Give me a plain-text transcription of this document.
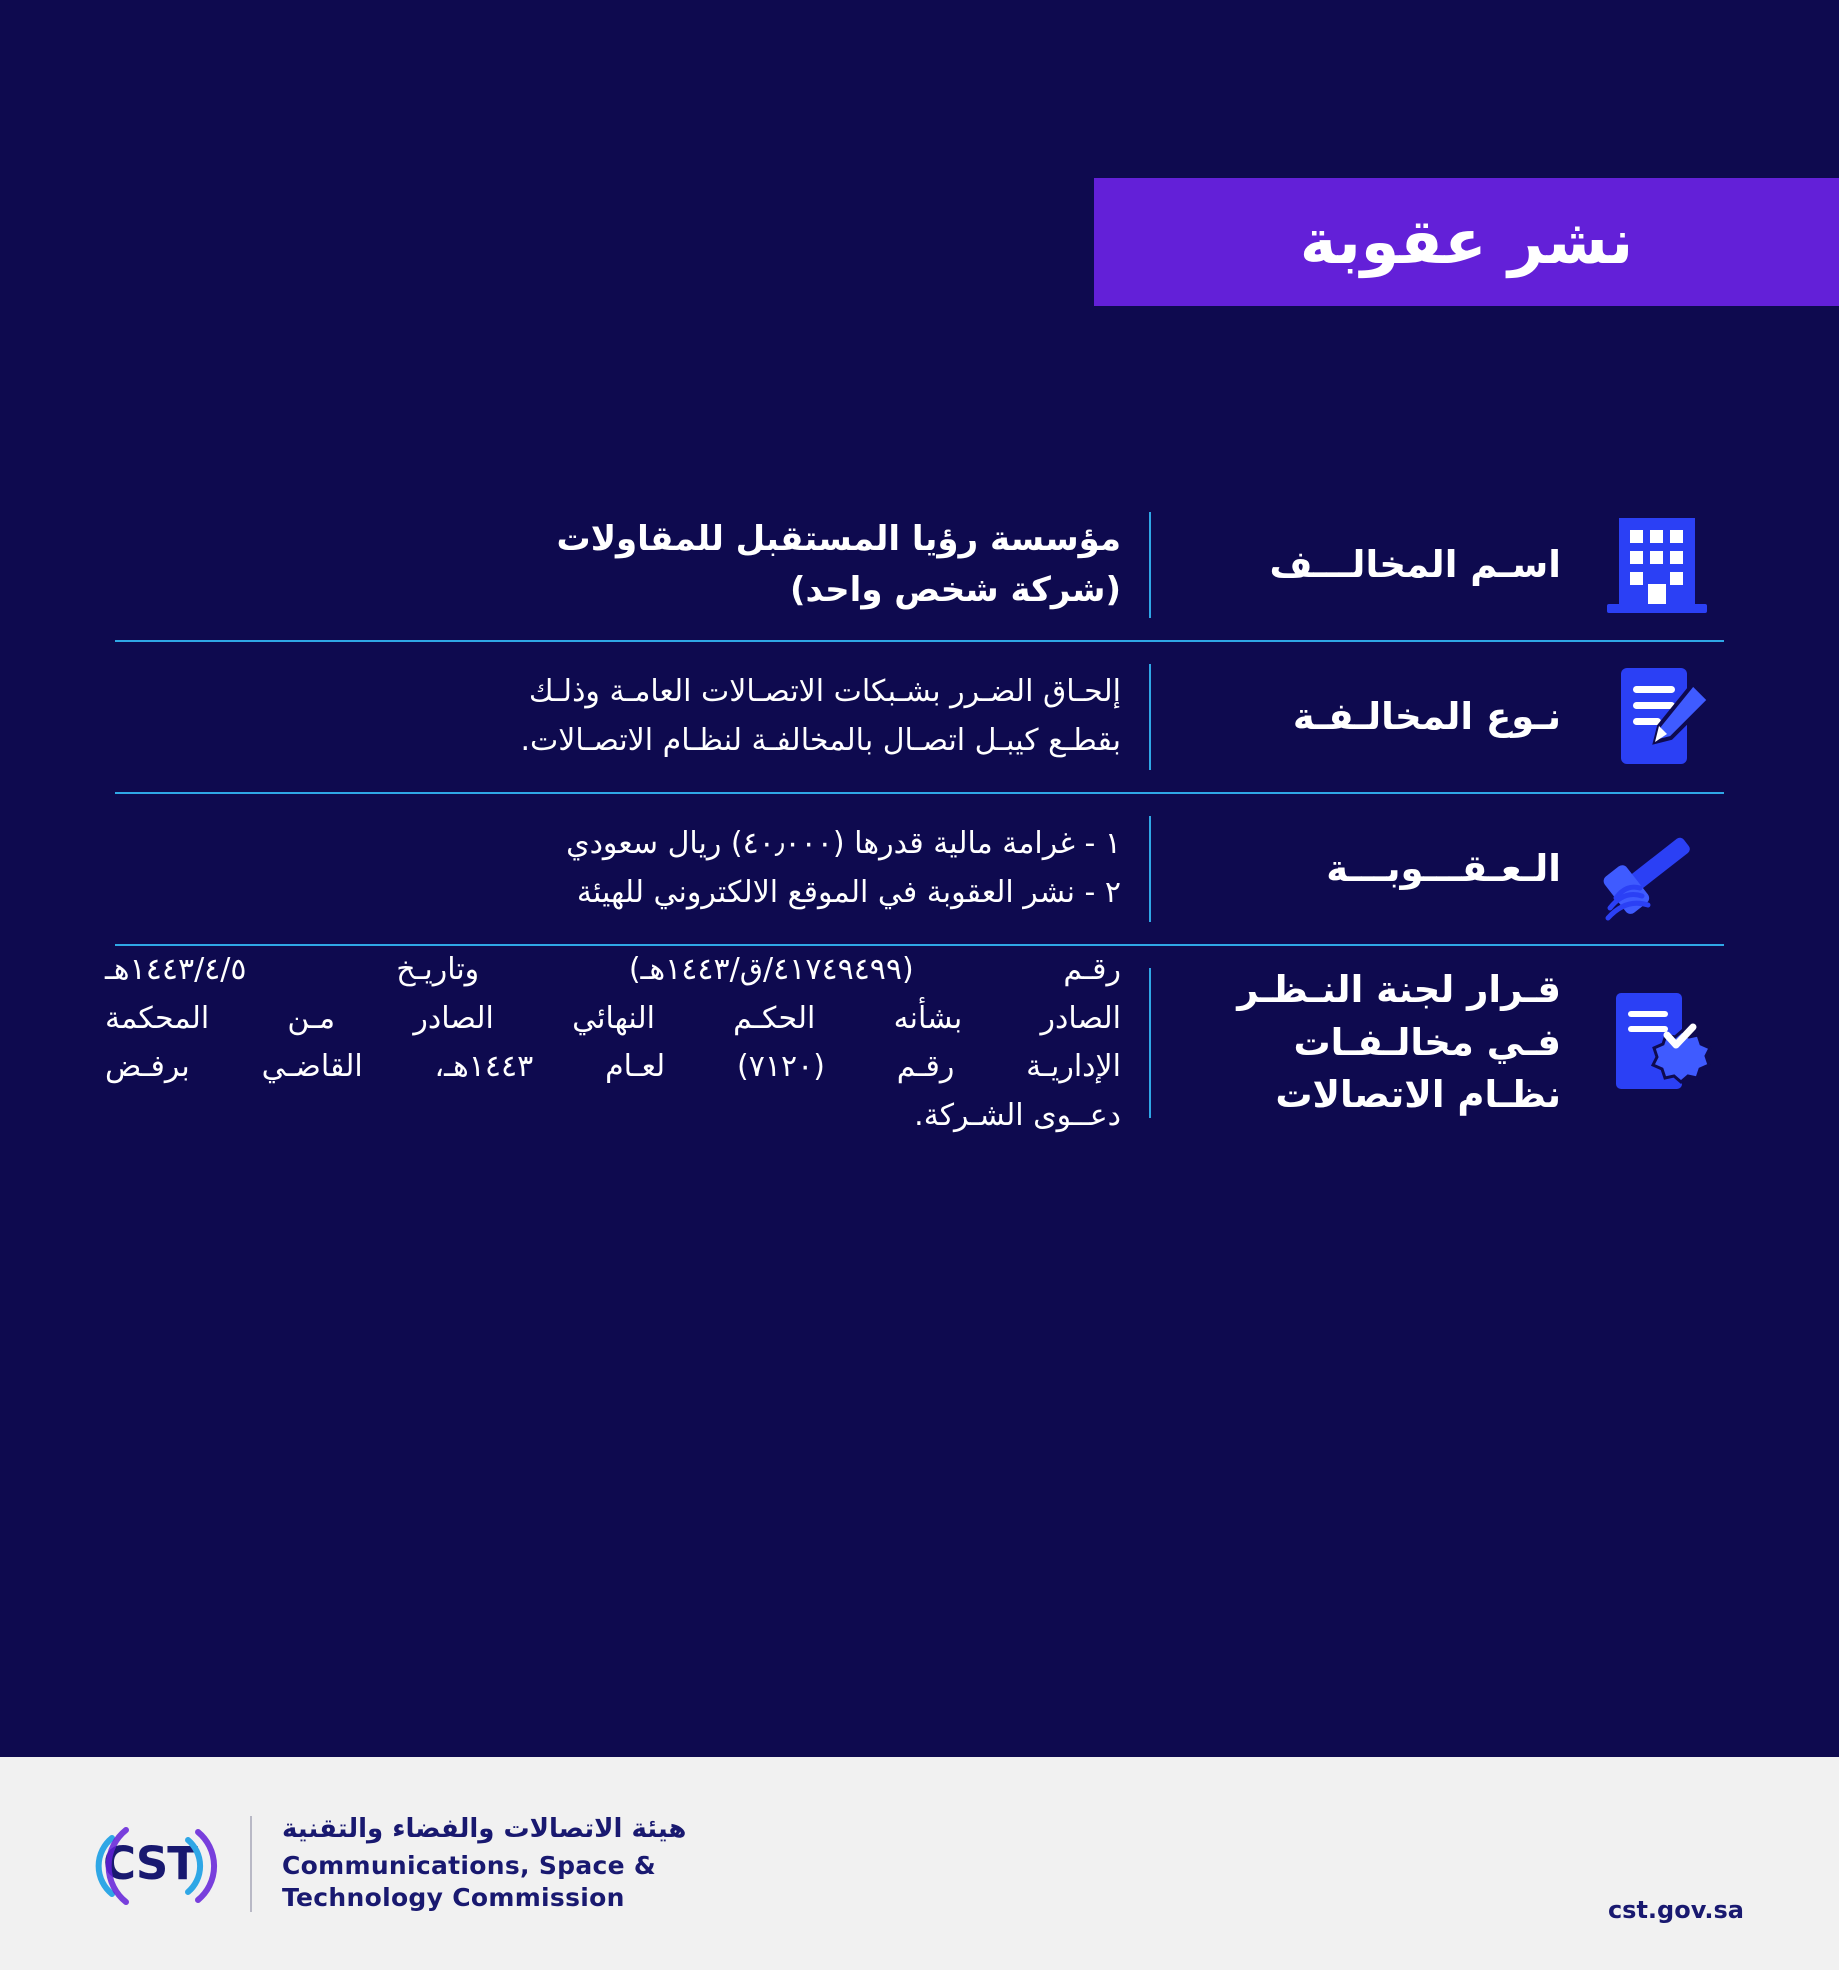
نشر عقوبة
اسـم المخالـــف
مؤسسة رؤيا المستقبل للمقاولات
(شركة شخص واحد)
نـوع المخالـفـة
إلحـاق الضـرر بشـبكات الاتصـالات العامـة وذلـك
بقطـع كيبـل اتصـال بالمخالفـة لنظـام الاتصـالات.
الـعـقـــوبـــة
١ - غرامة مالية قدرها (٤٠٫٠٠٠) ريال سعودي
٢ - نشر العقوبة في الموقع الالكتروني للهيئة
قـرار لجنة النـظـر فـي مخالـفـات نظـام الاتصالات
رقـم (٤١٧٤٩٤٩٩/ق/١٤٤٣هـ) وتاريـخ ١٤٤٣/٤/٥هـ
الصادر بشأنه الحكـم النهائي الصادر مـن المحكمة
الإداريـة رقـم (٧١٢٠) لعـام ١٤٤٣هـ، القاضـي برفـض
دعــوى الشـركة.
CST
هيئة الاتصالات والفضاء والتقنية
Communications, Space &
Technology Commission	cst.gov.sa
